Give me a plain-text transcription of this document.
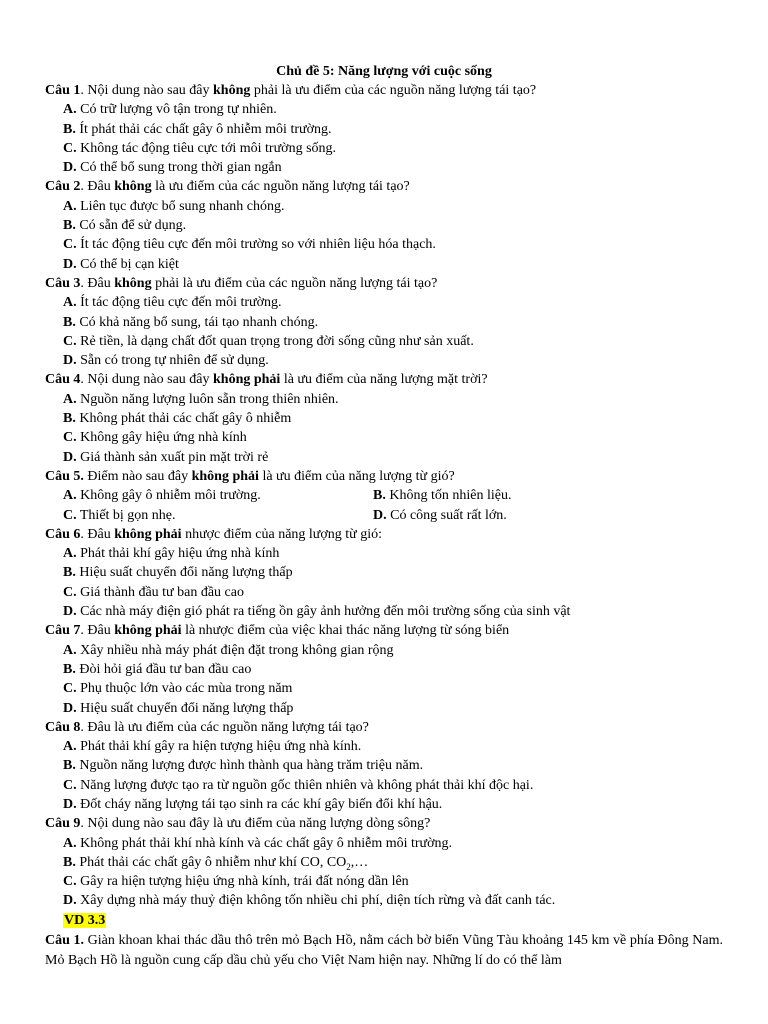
Chủ đề 5: Năng lượng với cuộc sống
Câu 1. Nội dung nào sau đây không phải là ưu điểm của các nguồn năng lượng tái tạo?
A. Có trữ lượng vô tận trong tự nhiên.
B. Ít phát thải các chất gây ô nhiễm môi trường.
C. Không tác động tiêu cực tới môi trường sống.
D. Có thể bổ sung trong thời gian ngắn
Câu 2. Đâu không là ưu điểm của các nguồn năng lượng tái tạo?
A. Liên tục được bổ sung nhanh chóng.
B. Có sẵn để sử dụng.
C. Ít tác động tiêu cực đến môi trường so với nhiên liệu hóa thạch.
D. Có thể bị cạn kiệt
Câu 3. Đâu không phải là ưu điểm của các nguồn năng lượng tái tạo?
A. Ít tác động tiêu cực đến môi trường.
B. Có khả năng bổ sung, tái tạo nhanh chóng.
C. Rẻ tiền, là dạng chất đốt quan trọng trong đời sống cũng như sản xuất.
D. Sẵn có trong tự nhiên để sử dụng.
Câu 4. Nội dung nào sau đây không phải là ưu điểm của năng lượng mặt trời?
A. Nguồn năng lượng luôn sẵn trong thiên nhiên.
B. Không phát thải các chất gây ô nhiễm
C. Không gây hiệu ứng nhà kính
D. Giá thành sản xuất pin mặt trời rẻ
Câu 5. Điểm nào sau đây không phải là ưu điểm của năng lượng từ gió?
A. Không gây ô nhiễm môi trường.	B. Không tốn nhiên liệu.
C. Thiết bị gọn nhẹ.	D. Có công suất rất lớn.
Câu 6. Đâu không phải nhược điểm của năng lượng từ gió:
A. Phát thải khí gây hiệu ứng nhà kính
B. Hiệu suất chuyển đổi năng lượng thấp
C. Giá thành đầu tư ban đầu cao
D. Các nhà máy điện gió phát ra tiếng ồn gây ảnh hưởng đến môi trường sống của sinh vật
Câu 7. Đâu không phải là nhược điểm của việc khai thác năng lượng từ sóng biển
A. Xây nhiều nhà máy phát điện đặt trong không gian rộng
B. Đòi hỏi giá đầu tư ban đầu cao
C. Phụ thuộc lớn vào các mùa trong năm
D. Hiệu suất chuyển đổi năng lượng thấp
Câu 8. Đâu là ưu điểm của các nguồn năng lượng tái tạo?
A. Phát thải khí gây ra hiện tượng hiệu ứng nhà kính.
B. Nguồn năng lượng được hình thành qua hàng trăm triệu năm.
C. Năng lượng được tạo ra từ nguồn gốc thiên nhiên và không phát thải khí độc hại.
D. Đốt cháy năng lượng tái tạo sinh ra các khí gây biến đổi khí hậu.
Câu 9. Nội dung nào sau đây là ưu điểm của năng lượng dòng sông?
A. Không phát thải khí nhà kính và các chất gây ô nhiễm môi trường.
B. Phát thải các chất gây ô nhiễm như khí CO, $CO_2,\dots$
C. Gây ra hiện tượng hiệu ứng nhà kính, trái đất nóng dần lên
D. Xây dựng nhà máy thuỷ điện không tốn nhiều chi phí, diện tích rừng và đất canh tác.
VD 3.3
Câu 1. Giàn khoan khai thác dầu thô trên mỏ Bạch Hồ, nằm cách bờ biển Vũng Tàu khoảng 145 km về phía Đông Nam. Mỏ Bạch Hồ là nguồn cung cấp dầu chủ yếu cho Việt Nam hiện nay. Những lí do có thể làm
